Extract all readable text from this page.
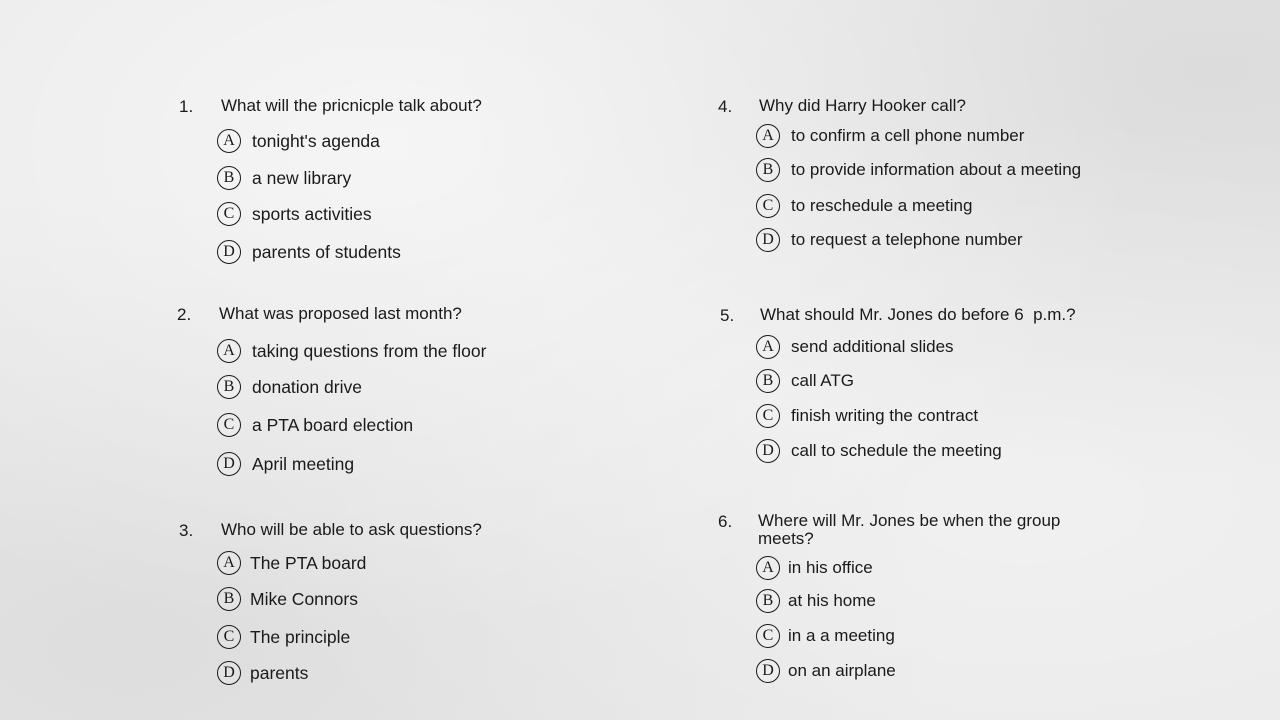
1. What will the pricnicple talk about?
A tonight's agenda
B	a new library
C	sports activities
D parents of students
2. What was proposed last month?
A taking questions from the floor
B	donation drive
C	a PTA board election
D April meeting
3. Who will be able to ask questions?
A The PTA board
B Mike Connors
C The principle
D parents
4. Why did Harry Hooker call?
A	to confirm a cell phone number
B	to provide information about a meeting
C	to reschedule a meeting
D	to request a telephone number
5. What should Mr. Jones do before 6  p.m.?
A	send additional slides
B	call ATG
C	finish writing the contract
D	call to schedule the meeting
6. Where will Mr. Jones be when the group meets?
A in his office
B at his home
C in a a meeting
D on an airplane
